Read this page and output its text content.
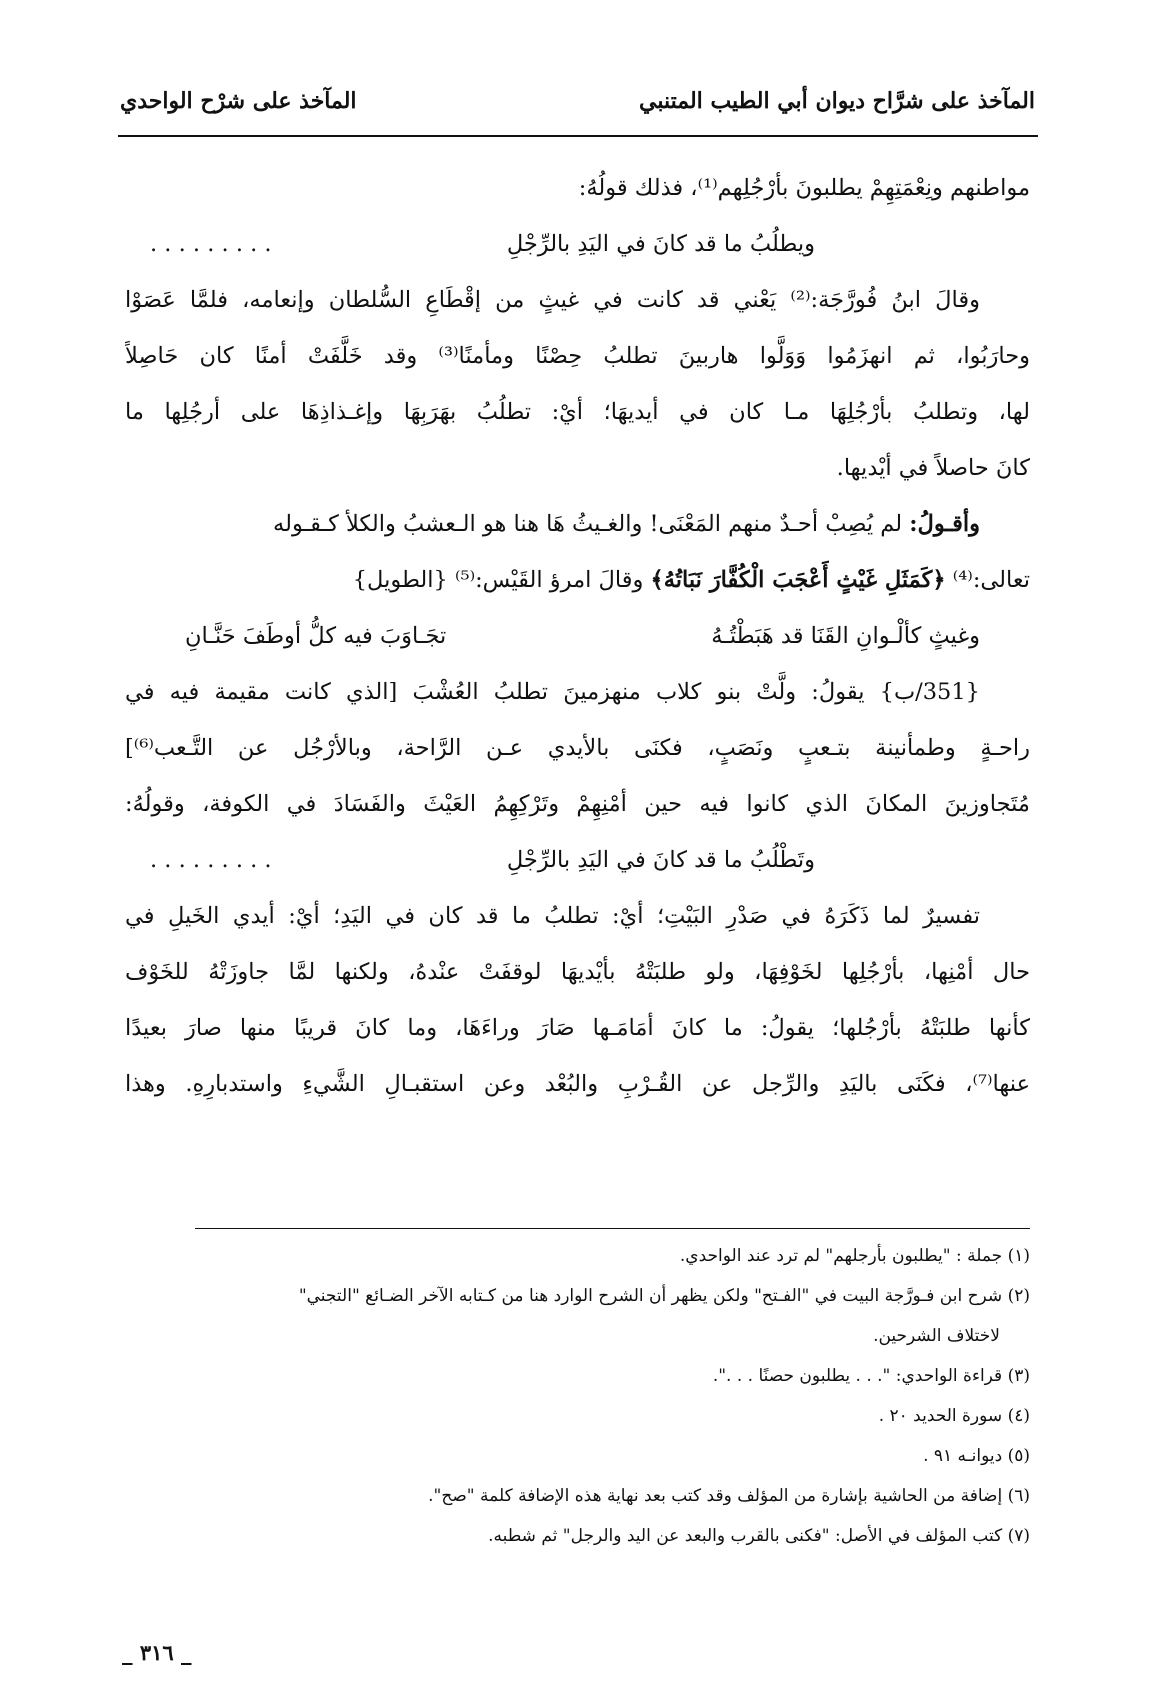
المآخذ على شرَّاح ديوان أبي الطيب المتنبي
المآخذ على شرْح الواحدي
مواطنهم ونِعْمَتِهِمْ يطلبونَ بأرْجُلِهم⁽¹⁾، فذلك قولُهُ:
ويطلُبُ ما قد كانَ في اليَدِ بالرِّجْلِ
. . . . . . . . .
وقالَ ابنُ فُورَّجَة:⁽²⁾ يَعْني قد كانت في غيثٍ من إقْطَاعِ السُّلطان وإنعامه، فلمَّا عَصَوْا
وحارَبُوا، ثم انهزَمُوا وَوَلَّوا هاربينَ تطلبُ حِصْنًا ومأمنًا⁽³⁾ وقد خَلَّفَتْ أمنًا كان حَاصِلاً
لها، وتطلبُ بأرْجُلِهَا مـا كان في أيديهَا؛ أيْ: تطلُبُ بهَرَبِهَا وإغـذاذِهَا على أرجُلِها ما
كانَ حاصلاً في أيْديها.
وأقـولُ: لم يُصِبْ أحـدٌ منهم المَعْنَى! والغـيثُ هَا هنا هو الـعشبُ والكلأ كـقـوله
تعالى:⁽⁴⁾ ﴿كَمَثَلِ غَيْثٍ أَعْجَبَ الْكُفَّارَ نَبَاتُهُ﴾ وقالَ امرؤ القَيْس:⁽⁵⁾ {الطويل}
وغيثٍ كألْـوانِ القَنَا قد هَبَطْتُـهُ
تجَـاوَبَ فيه كلُّ أوطَفَ حَنَّـانِ
{351/ب} يقولُ: ولَّتْ بنو كلاب منهزمينَ تطلبُ العُشْبَ [الذي كانت مقيمة فيه في
راحـةٍ وطمأنينة بتـعبٍ ونَصَبٍ، فكنَى بالأيدي عـن الرَّاحة، وبالأرْجُل عن التَّـعب⁽⁶⁾]
مُتَجاوزينَ المكانَ الذي كانوا فيه حين أمْنِهِمْ وتَرْكِهِمُ العَيْثَ والفَسَادَ في الكوفة، وقولُهُ:
وتَطْلُبُ ما قد كانَ في اليَدِ بالرِّجْلِ
. . . . . . . . .
تفسيرٌ لما ذَكَرَهُ في صَدْرِ البَيْتِ؛ أيْ: تطلبُ ما قد كان في اليَدِ؛ أيْ: أيدي الخَيلِ في
حال أمْنِها، بأرْجُلِها لخَوْفِهَا، ولو طلبَتْهُ بأيْديهَا لوقفَتْ عنْدهُ، ولكنها لمَّا جاوزَتْهُ للخَوْف
كأنها طلبَتْهُ بأرْجُلها؛ يقولُ: ما كانَ أمَامَـها صَارَ وراءَهَا، وما كانَ قريبًا منها صارَ بعيدًا
عنها⁽⁷⁾، فكَنَى باليَدِ والرِّجل عن القُـرْبِ والبُعْد وعن استقبـالِ الشَّيءِ واستدبارِهِ. وهذا
(١) جملة : "يطلبون بأرجلهم" لم ترد عند الواحدي.
(٢) شرح ابن فـورَّجة البيت في "الفـتح" ولكن يظهر أن الشرح الوارد هنا من كـتابه الآخر الضـائع "التجني"
لاختلاف الشرحين.
(٣) قراءة الواحدي: ". . . يطلبون حصنًا . . .".
(٤) سورة الحديد ٢٠ .
(٥) ديوانـه ٩١ .
(٦) إضافة من الحاشية بإشارة من المؤلف وقد كتب بعد نهاية هذه الإضافة كلمة "صح".
(٧) كتب المؤلف في الأصل: "فكنى بالقرب والبعد عن اليد والرجل" ثم شطبه.
_ ٣١٦ _
